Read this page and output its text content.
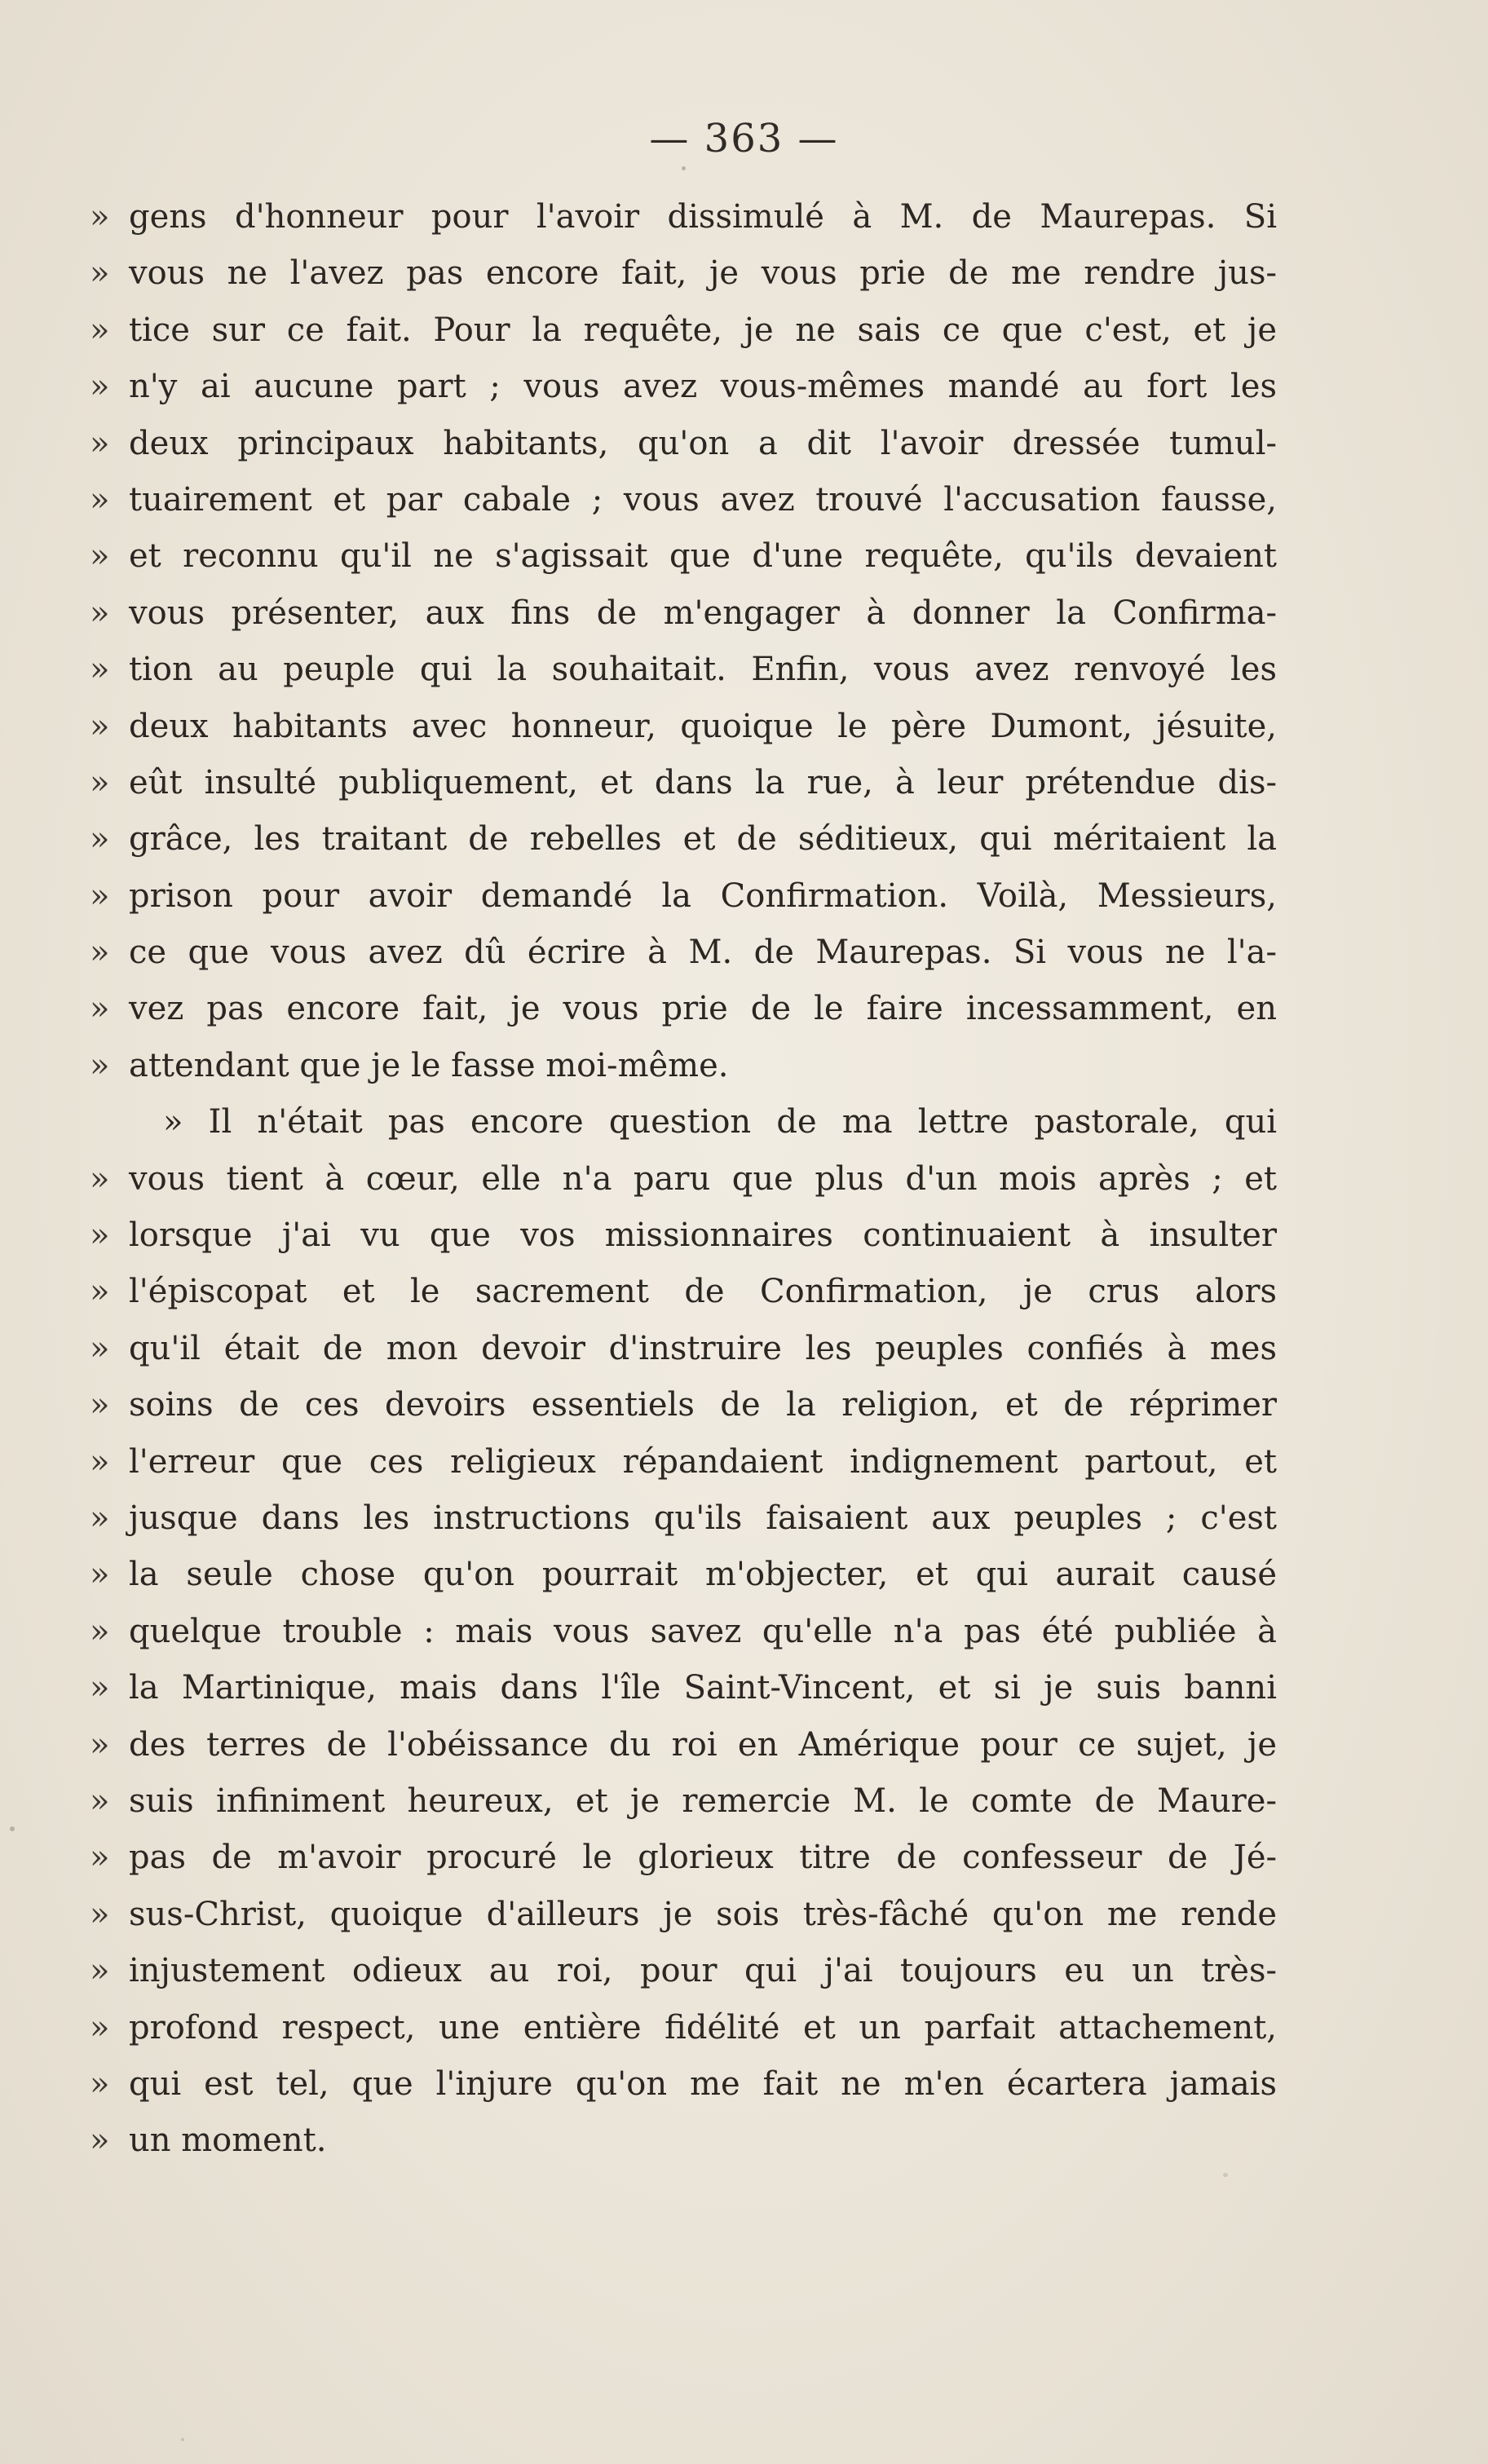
— 363 —
» gens d'honneur pour l'avoir dissimulé à M. de Maurepas. Si
» vous ne l'avez pas encore fait, je vous prie de me rendre jus-
» tice sur ce fait. Pour la requête, je ne sais ce que c'est, et je
» n'y ai aucune part ; vous avez vous-mêmes mandé au fort les
» deux principaux habitants, qu'on a dit l'avoir dressée tumul-
» tuairement et par cabale ; vous avez trouvé l'accusation fausse,
» et reconnu qu'il ne s'agissait que d'une requête, qu'ils devaient
» vous présenter, aux fins de m'engager à donner la Confirma-
» tion au peuple qui la souhaitait. Enfin, vous avez renvoyé les
» deux habitants avec honneur, quoique le père Dumont, jésuite,
» eût insulté publiquement, et dans la rue, à leur prétendue dis-
» grâce, les traitant de rebelles et de séditieux, qui méritaient la
» prison pour avoir demandé la Confirmation. Voilà, Messieurs,
» ce que vous avez dû écrire à M. de Maurepas. Si vous ne l'a-
» vez pas encore fait, je vous prie de le faire incessamment, en
» attendant que je le fasse moi-même.
» Il n'était pas encore question de ma lettre pastorale, qui
» vous tient à cœur, elle n'a paru que plus d'un mois après ; et
» lorsque j'ai vu que vos missionnaires continuaient à insulter
» l'épiscopat et le sacrement de Confirmation, je crus alors
» qu'il était de mon devoir d'instruire les peuples confiés à mes
» soins de ces devoirs essentiels de la religion, et de réprimer
» l'erreur que ces religieux répandaient indignement partout, et
» jusque dans les instructions qu'ils faisaient aux peuples ; c'est
» la seule chose qu'on pourrait m'objecter, et qui aurait causé
» quelque trouble : mais vous savez qu'elle n'a pas été publiée à
» la Martinique, mais dans l'île Saint-Vincent, et si je suis banni
» des terres de l'obéissance du roi en Amérique pour ce sujet, je
» suis infiniment heureux, et je remercie M. le comte de Maure-
» pas de m'avoir procuré le glorieux titre de confesseur de Jé-
» sus-Christ, quoique d'ailleurs je sois très-fâché qu'on me rende
» injustement odieux au roi, pour qui j'ai toujours eu un très-
» profond respect, une entière fidélité et un parfait attachement,
» qui est tel, que l'injure qu'on me fait ne m'en écartera jamais
» un moment.
